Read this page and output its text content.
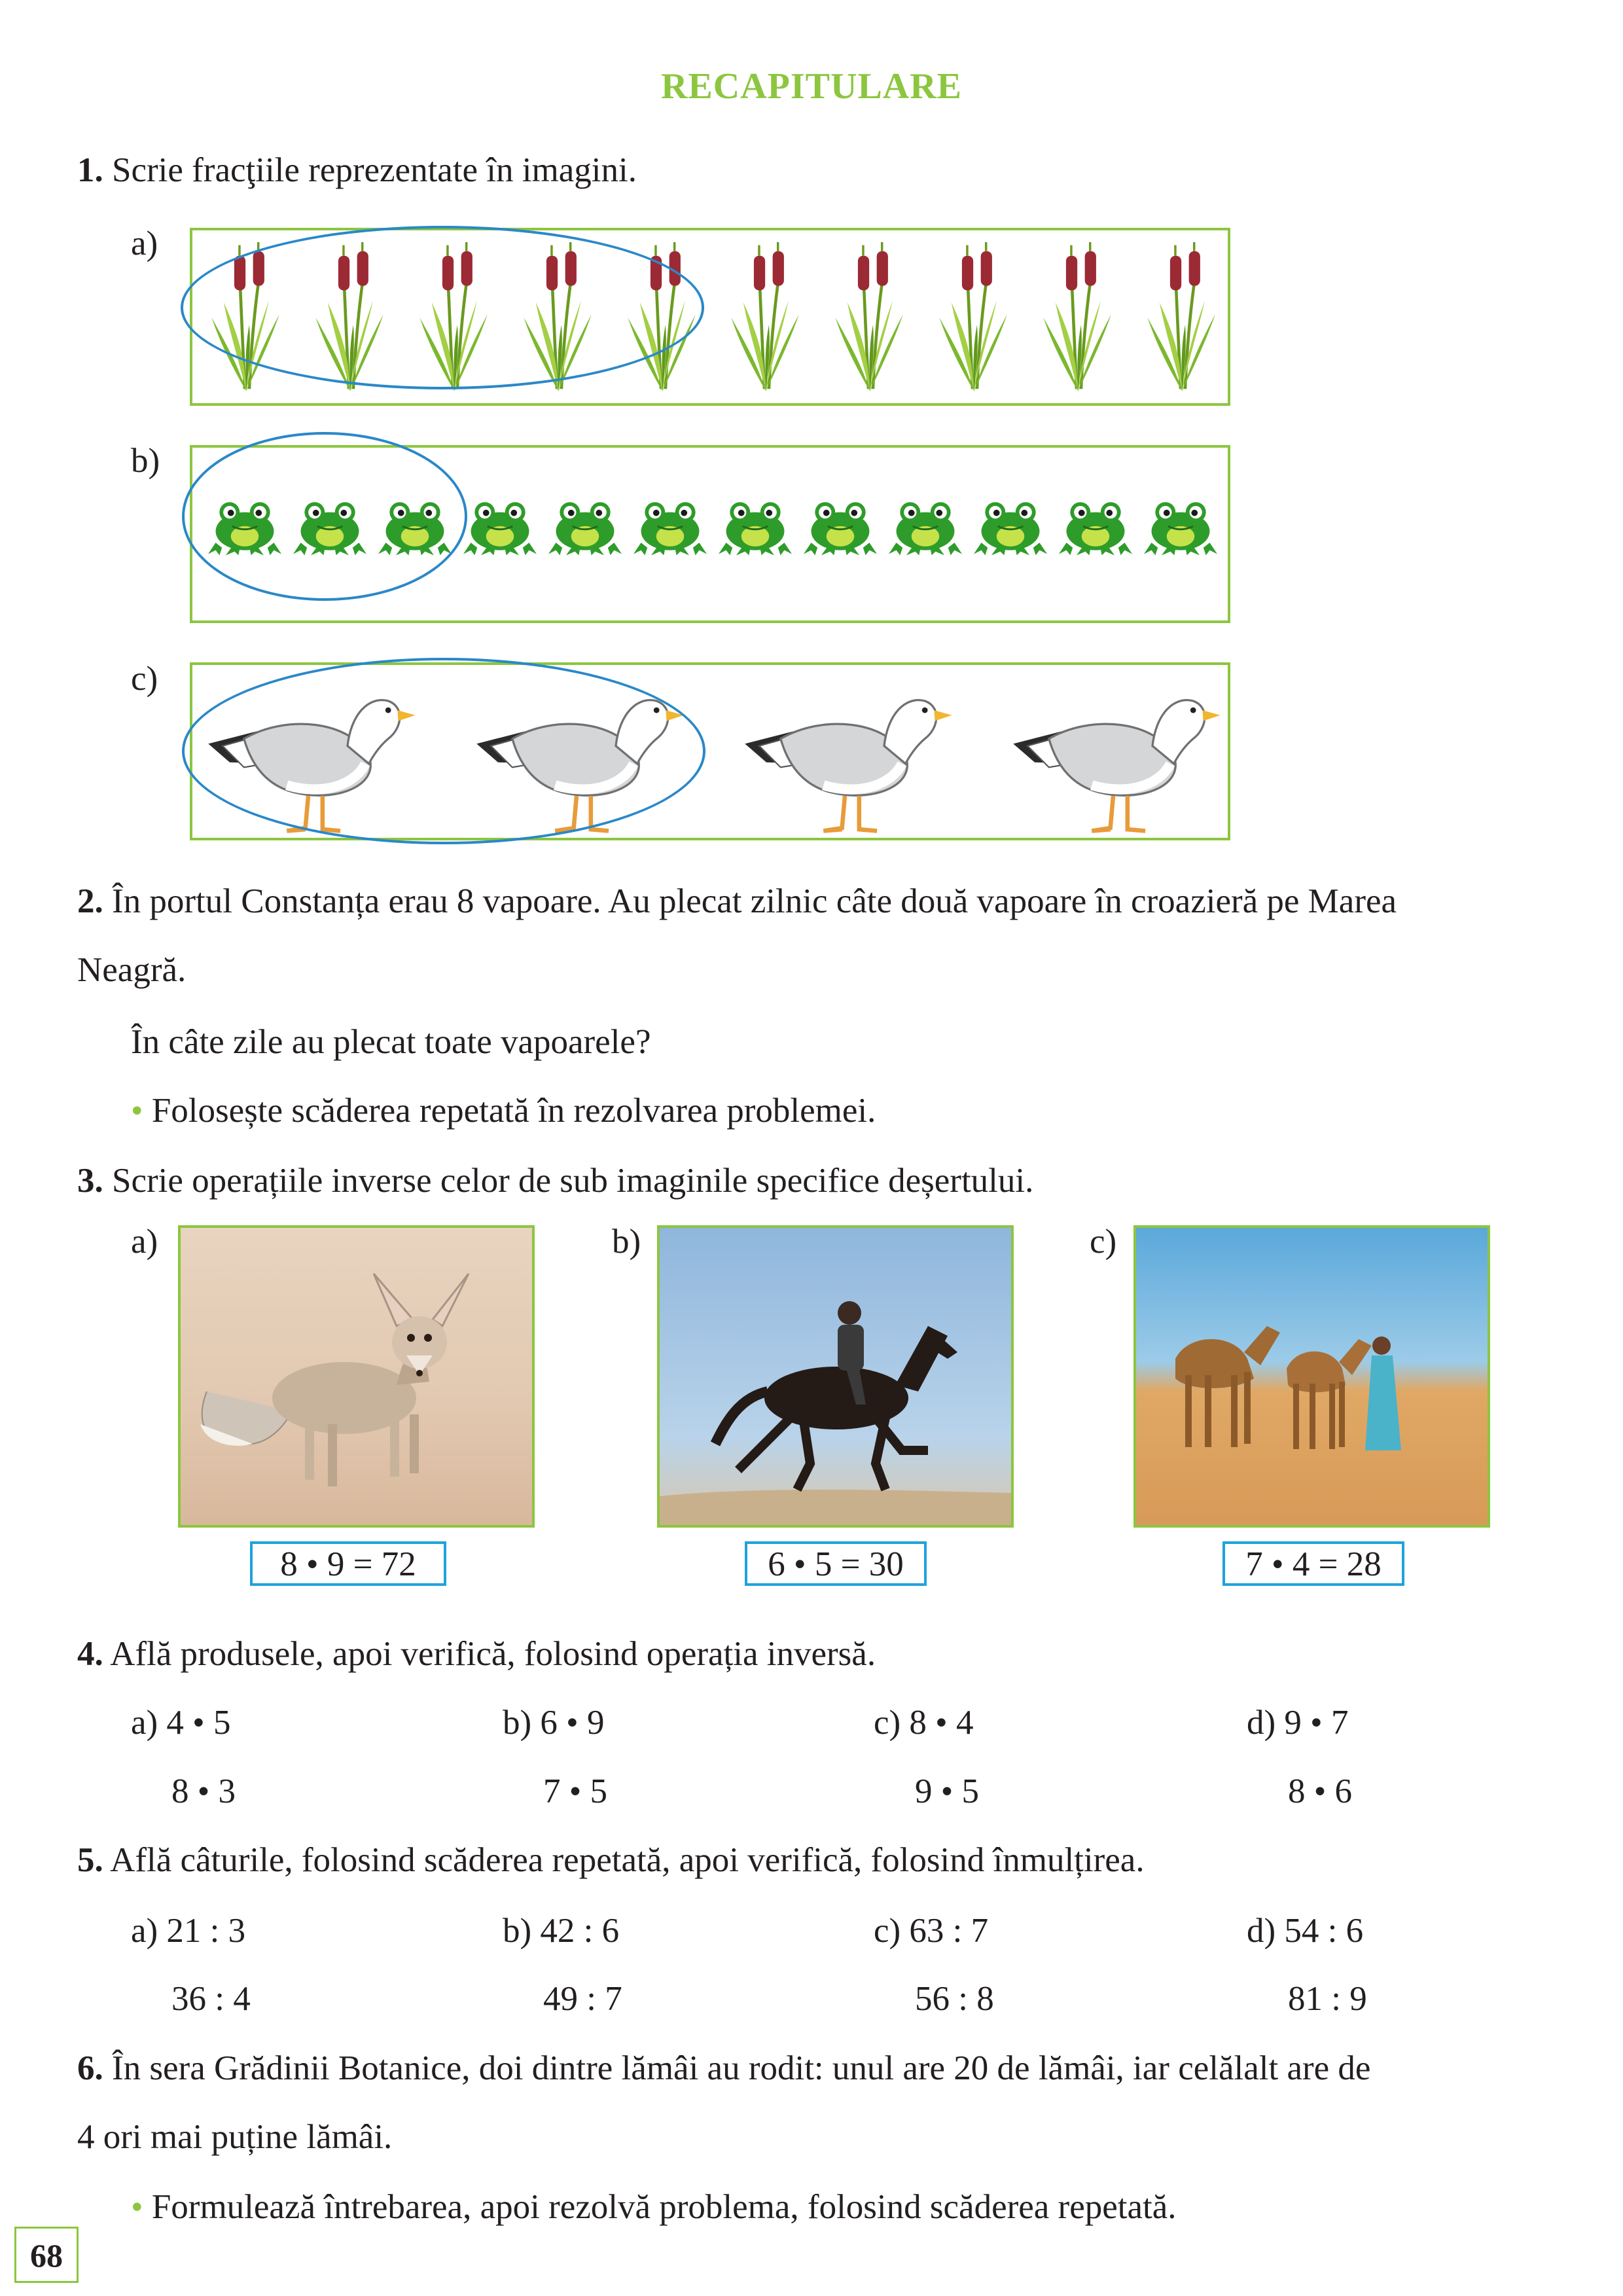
RECAPITULARE
1. Scrie fracţiile reprezentate în imagini.
a)
b)
c)
2. În portul Constanța erau 8 vapoare. Au plecat zilnic câte două vapoare în croazieră pe Marea
Neagră.
În câte zile au plecat toate vapoarele?
• Folosește scăderea repetată în rezolvarea problemei.
3. Scrie operațiile inverse celor de sub imaginile specifice deșertului.
a)	b)	c)
8 • 9 = 72	6 • 5 = 30	7 • 4 = 28
4. Află produsele, apoi verifică, folosind operația inversă.
a) 4 • 5	b) 6 • 9	c) 8 • 4	d) 9 • 7
8 • 3	7 • 5	9 • 5	8 • 6
5. Află câturile, folosind scăderea repetată, apoi verifică, folosind înmulțirea.
a) 21 : 3	b) 42 : 6	c) 63 : 7	d) 54 : 6
36 : 4	49 : 7	56 : 8	81 : 9
6. În sera Grădinii Botanice, doi dintre lămâi au rodit: unul are 20 de lămâi, iar celălalt are de
4 ori mai puține lămâi.
• Formulează întrebarea, apoi rezolvă problema, folosind scăderea repetată.
68
